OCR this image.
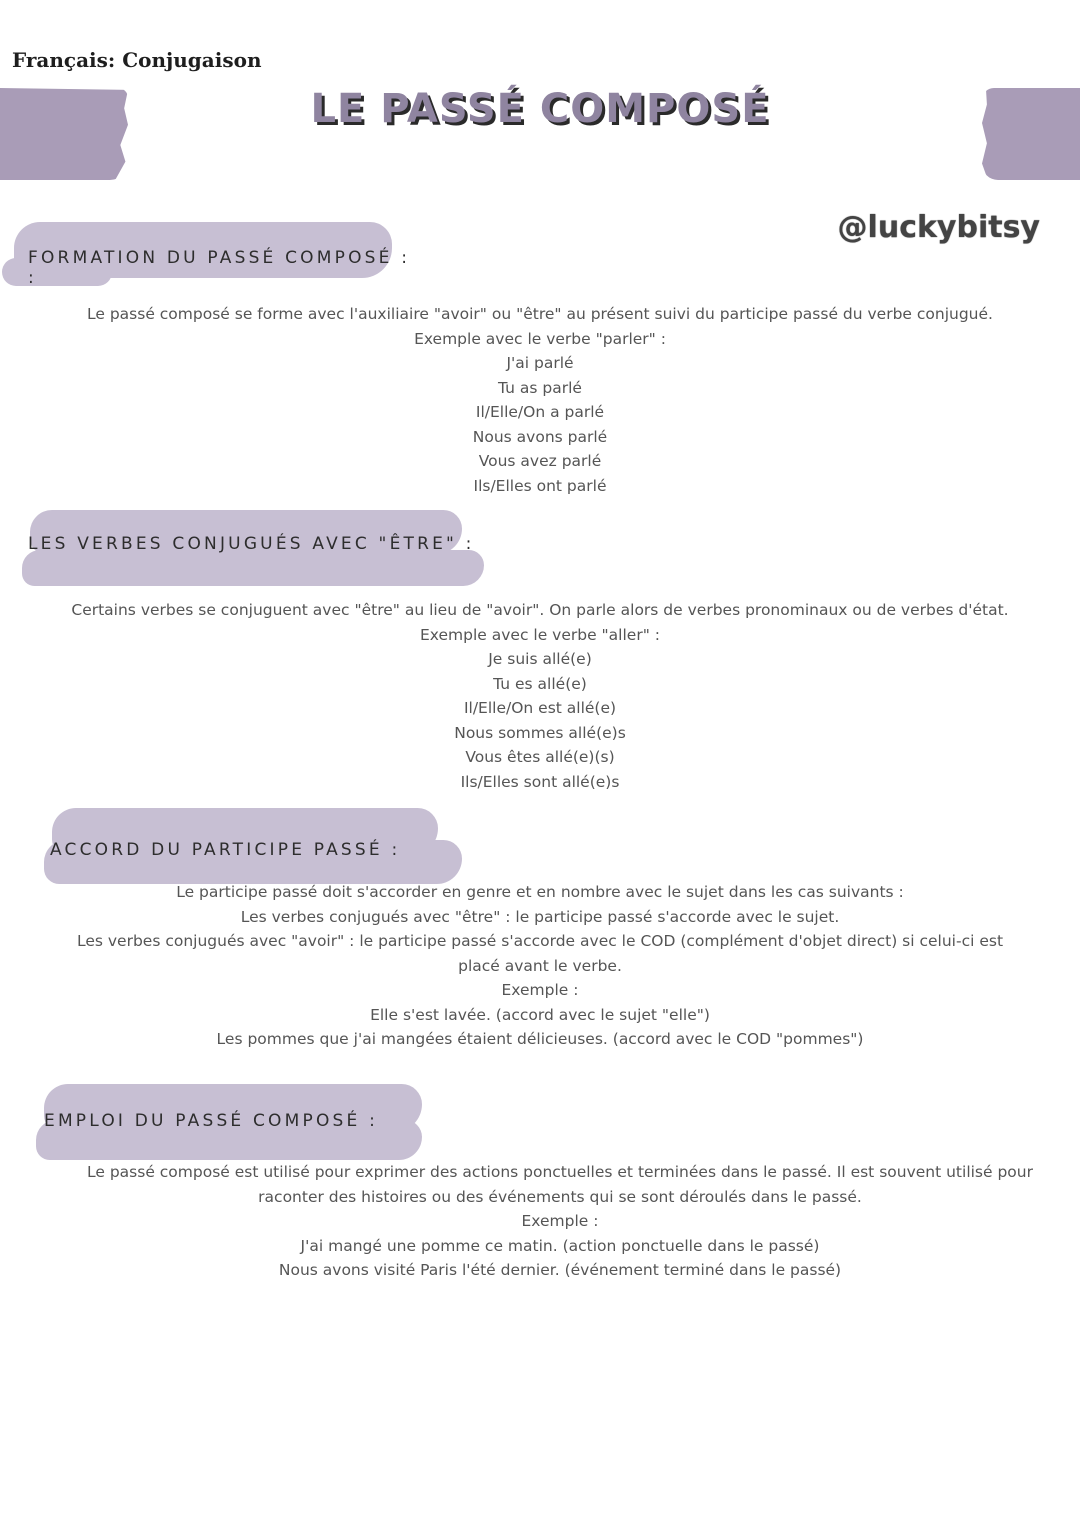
Français: Conjugaison
LE PASSÉ COMPOSÉ
@luckybitsy
FORMATION DU PASSÉ COMPOSÉ :
:
Le passé composé se forme avec l'auxiliaire "avoir" ou "être" au présent suivi du participe passé du verbe conjugué.
Exemple avec le verbe "parler" :
J'ai parlé
Tu as parlé
Il/Elle/On a parlé
Nous avons parlé
Vous avez parlé
Ils/Elles ont parlé
LES VERBES CONJUGUÉS AVEC "ÊTRE" :
Certains verbes se conjuguent avec "être" au lieu de "avoir". On parle alors de verbes pronominaux ou de verbes d'état.
Exemple avec le verbe "aller" :
Je suis allé(e)
Tu es allé(e)
Il/Elle/On est allé(e)
Nous sommes allé(e)s
Vous êtes allé(e)(s)
Ils/Elles sont allé(e)s
ACCORD DU PARTICIPE PASSÉ :
Le participe passé doit s'accorder en genre et en nombre avec le sujet dans les cas suivants :
Les verbes conjugués avec "être" : le participe passé s'accorde avec le sujet.
Les verbes conjugués avec "avoir" : le participe passé s'accorde avec le COD (complément d'objet direct) si celui-ci est
placé avant le verbe.
Exemple :
Elle s'est lavée. (accord avec le sujet "elle")
Les pommes que j'ai mangées étaient délicieuses. (accord avec le COD "pommes")
EMPLOI DU PASSÉ COMPOSÉ :
Le passé composé est utilisé pour exprimer des actions ponctuelles et terminées dans le passé. Il est souvent utilisé pour
raconter des histoires ou des événements qui se sont déroulés dans le passé.
Exemple :
J'ai mangé une pomme ce matin. (action ponctuelle dans le passé)
Nous avons visité Paris l'été dernier. (événement terminé dans le passé)
